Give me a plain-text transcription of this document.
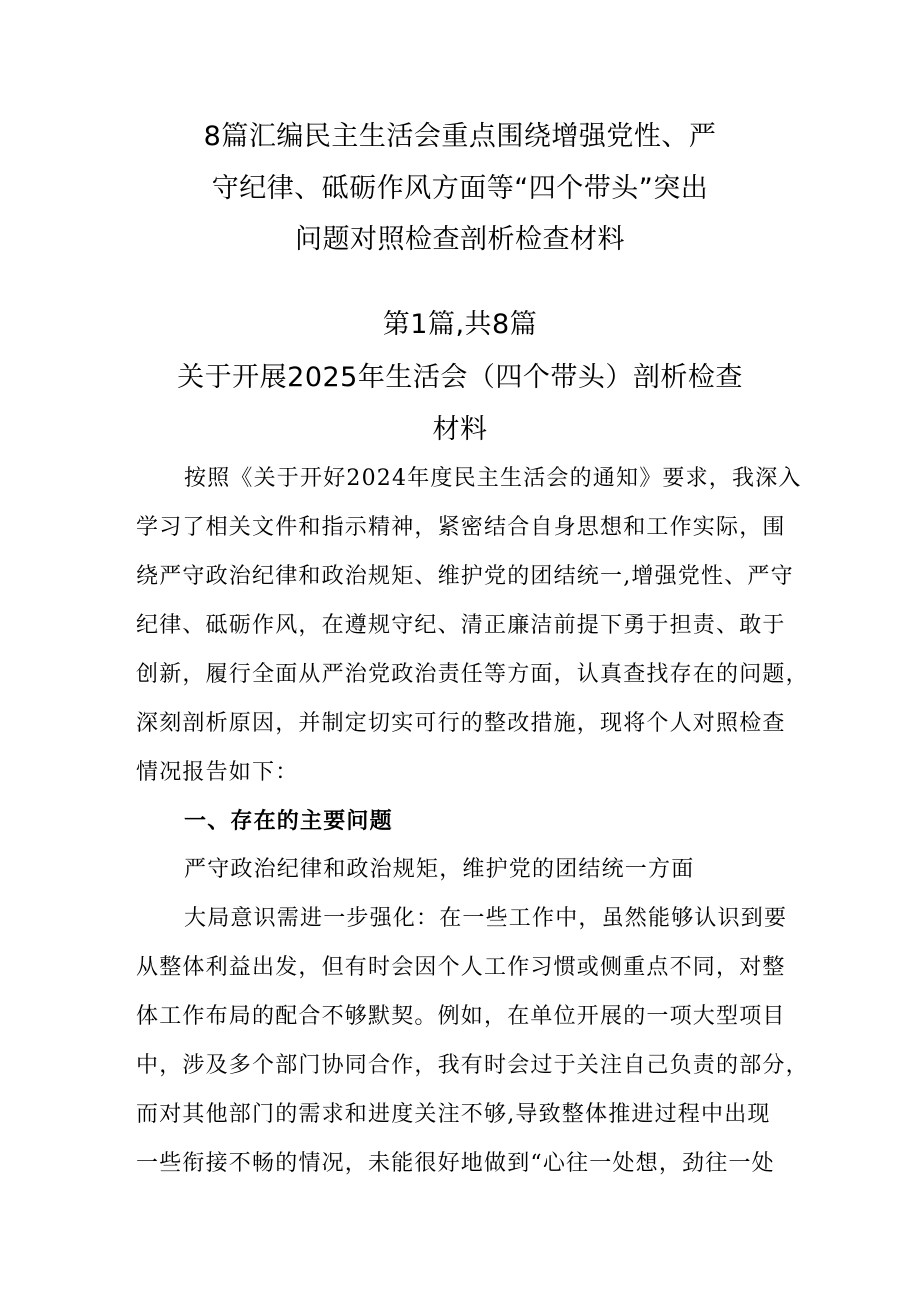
8篇汇编民主生活会重点围绕增强党性、严
守纪律、砥砺作风方面等“四个带头”突出
问题对照检查剖析检查材料
第1篇,共8篇
关于开展2025年生活会（四个带头）剖析检查
材料
按照《关于开好2024年度民主生活会的通知》要求，我深入
学习了相关文件和指示精神，紧密结合自身思想和工作实际，围
绕严守政治纪律和政治规矩、维护党的团结统一,增强党性、严守
纪律、砥砺作风，在遵规守纪、清正廉洁前提下勇于担责、敢于
创新，履行全面从严治党政治责任等方面，认真查找存在的问题，
深刻剖析原因，并制定切实可行的整改措施，现将个人对照检查
情况报告如下：
一、存在的主要问题
严守政治纪律和政治规矩，维护党的团结统一方面
大局意识需进一步强化：在一些工作中，虽然能够认识到要
从整体利益出发，但有时会因个人工作习惯或侧重点不同，对整
体工作布局的配合不够默契。例如，在单位开展的一项大型项目
中，涉及多个部门协同合作，我有时会过于关注自己负责的部分，
而对其他部门的需求和进度关注不够,导致整体推进过程中出现
一些衔接不畅的情况，未能很好地做到“心往一处想，劲往一处
